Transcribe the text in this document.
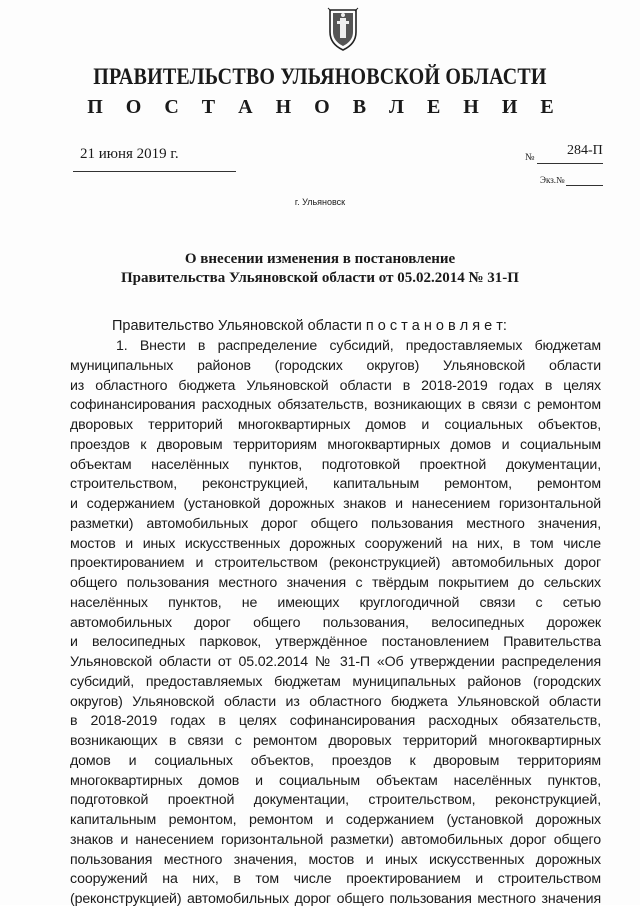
ПРАВИТЕЛЬСТВО УЛЬЯНОВСКОЙ ОБЛАСТИ
П О С Т А Н О В Л Е Н И Е
21 июня 2019 г.	№ 284-П
Экз.№
г. Ульяновск
О внесении изменения в постановление
Правительства Ульяновской области от 05.02.2014 № 31-П
Правительство Ульяновской области п о с т а н о в л я е т:
1. Внести в распределение субсидий, предоставляемых бюджетам
муниципальных районов (городских округов) Ульяновской области
из областного бюджета Ульяновской области в 2018-2019 годах в целях
софинансирования расходных обязательств, возникающих в связи с ремонтом
дворовых территорий многоквартирных домов и социальных объектов,
проездов к дворовым территориям многоквартирных домов и социальным
объектам населённых пунктов, подготовкой проектной документации,
строительством, реконструкцией, капитальным ремонтом, ремонтом
и содержанием (установкой дорожных знаков и нанесением горизонтальной
разметки) автомобильных дорог общего пользования местного значения,
мостов и иных искусственных дорожных сооружений на них, в том числе
проектированием и строительством (реконструкцией) автомобильных дорог
общего пользования местного значения с твёрдым покрытием до сельских
населённых пунктов, не имеющих круглогодичной связи с сетью
автомобильных дорог общего пользования, велосипедных дорожек
и велосипедных парковок, утверждённое постановлением Правительства
Ульяновской области от 05.02.2014 № 31-П «Об утверждении распределения
субсидий, предоставляемых бюджетам муниципальных районов (городских
округов) Ульяновской области из областного бюджета Ульяновской области
в 2018-2019 годах в целях софинансирования расходных обязательств,
возникающих в связи с ремонтом дворовых территорий многоквартирных
домов и социальных объектов, проездов к дворовым территориям
многоквартирных домов и социальным объектам населённых пунктов,
подготовкой проектной документации, строительством, реконструкцией,
капитальным ремонтом, ремонтом и содержанием (установкой дорожных
знаков и нанесением горизонтальной разметки) автомобильных дорог общего
пользования местного значения, мостов и иных искусственных дорожных
сооружений на них, в том числе проектированием и строительством
(реконструкцией) автомобильных дорог общего пользования местного значения
